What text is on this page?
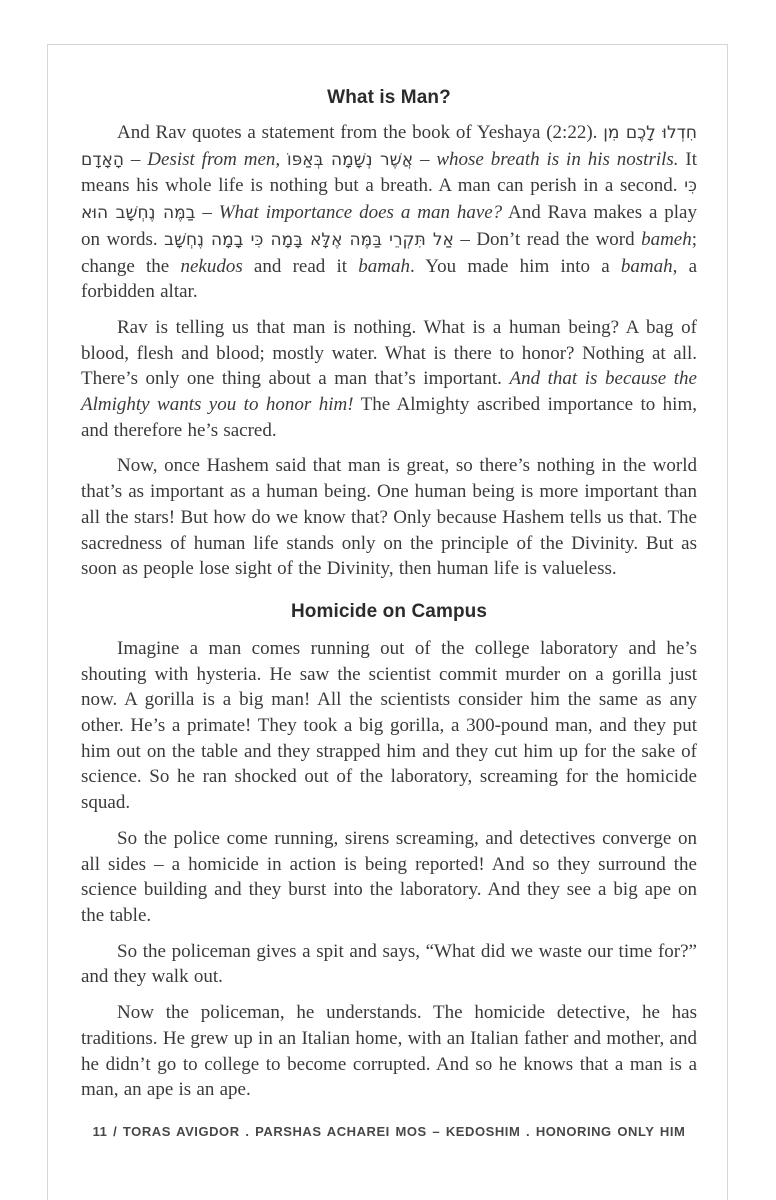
What is Man?

And Rav quotes a statement from the book of Yeshaya (2:22). חִדְלוּ לָכֶם מִן הָאָדָם – Desist from men, אֲשֶׁר נְשָׁמָה בְּאַפּוֹ – whose breath is in his nostrils. It means his whole life is nothing but a breath. A man can perish in a second. כִּי בַמֶּה נֶחְשָׁב הוּא – What importance does a man have? And Rava makes a play on words. אַל תִּקְרֵי בַּמֶּה אֶלָּא בָּמָה כִּי בָמָה נֶחְשָׁב – Don’t read the word bameh; change the nekudos and read it bamah. You made him into a bamah, a forbidden altar.

Rav is telling us that man is nothing. What is a human being? A bag of blood, flesh and blood; mostly water. What is there to honor? Nothing at all. There’s only one thing about a man that’s important. And that is because the Almighty wants you to honor him! The Almighty ascribed importance to him, and therefore he’s sacred.

Now, once Hashem said that man is great, so there’s nothing in the world that’s as important as a human being. One human being is more important than all the stars! But how do we know that? Only because Hashem tells us that. The sacredness of human life stands only on the principle of the Divinity. But as soon as people lose sight of the Divinity, then human life is valueless.

Homicide on Campus

Imagine a man comes running out of the college laboratory and he’s shouting with hysteria. He saw the scientist commit murder on a gorilla just now. A gorilla is a big man! All the scientists consider him the same as any other. He’s a primate! They took a big gorilla, a 300-pound man, and they put him out on the table and they strapped him and they cut him up for the sake of science. So he ran shocked out of the laboratory, screaming for the homicide squad.

So the police come running, sirens screaming, and detectives converge on all sides – a homicide in action is being reported! And so they surround the science building and they burst into the laboratory. And they see a big ape on the table.

So the policeman gives a spit and says, “What did we waste our time for?” and they walk out.

Now the policeman, he understands. The homicide detective, he has traditions. He grew up in an Italian home, with an Italian father and mother, and he didn’t go to college to become corrupted. And so he knows that a man is a man, an ape is an ape.

11 / TORAS AVIGDOR . PARSHAS ACHAREI MOS – KEDOSHIM . HONORING ONLY HIM
